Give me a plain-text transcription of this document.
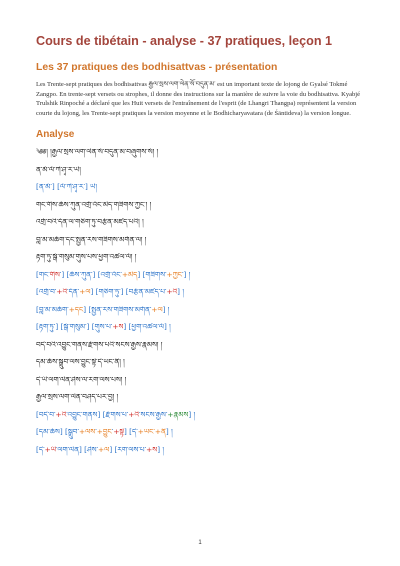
Cours de tibétain - analyse - 37 pratiques, leçon 1
Les 37 pratiques des bodhisattvas - présentation

Les Trente-sept pratiques des bodhisattvas རྒྱལ་སྲས་ལག་ལེན་སོ་བདུན་མ་ est un important texte de lojong de Gyalsé Tokmé Zangpo. En trente-sept versets ou strophes, il donne des instructions sur la manière de suivre la voie du bodhisattva. Kyabjé Trulshik Rinpoché a déclaré que les Huit versets de l'entraînement de l'esprit (de Lhangri Thangpa) représentent la version courte du lojong, les Trente-sept pratiques la version moyenne et le Bodhicharyavatara (de Śāntideva) la version longue.

Analyse
༄༅། །རྒྱལ་སྲས་ལག་ལེན་སོ་བདུན་མ་བཞུགས་སོ། །
ན་མོ་ལོ་ཀེ་ཤྭ་ར་ཡེ།
[ན་མོ་] [ལོ་ཀེ་ཤྭ་ར་] ཡེ།
གང་གིས་ཆོས་ཀུན་འགྲོ་འོང་མེད་གཟིགས་ཀྱང་། །
འགྲོ་བའི་དོན་ལ་གཅིག་ཏུ་བརྩོན་མཛད་པའི། །
བླ་མ་མཆོག་དང་སྤྱན་རས་གཟིགས་མགོན་ལ། །
རྟག་ཏུ་སྒོ་གསུམ་གུས་པས་ཕྱག་འཚལ་ལོ། །
[གང་གིས་] [ཆོས་ཀུན་] [འགྲོ་འོང་+མེད] [གཟིགས་+ཀྱང་] །
[འགྲོ་བ་+འི་དོན་+ལ] [གཅིག་ཏུ་] [བརྩོན་མཛད་པ་+འི] །
[བླ་མ་མཆོག་+དང] [སྤྱན་རས་གཟིགས་མགོན་+ལ] །
[རྟག་ཏུ་] [སྒོ་གསུམ་] [གུས་པ་+ས] [ཕྱག་འཚལ་ལོ] །
བདེ་བའི་འབྱུང་གནས་རྫོགས་པའི་སངས་རྒྱས་རྣམས། །
དམ་ཆོས་སྒྲུབ་ལས་བྱུང་སྟེ་དེ་ཡང་ནི། །
དེ་ཡི་ལག་ལེན་ཤེས་ལ་རག་ལས་པས། །
རྒྱལ་སྲས་ལག་ལེན་བཤད་པར་བྱ། །
[བདེ་བ་+འི་འབྱུང་གནས] [རྫོགས་པ་+འི་སངས་རྒྱས་+རྣམས] །
[དམ་ཆོས] [སྒྲུབ་+ལས་+བྱུང་+སྟེ] [དེ་+ཡང་+ནི] །
[དེ་+ཡི་ལག་ལེན] [ཤེས་+ལ] [རག་ལས་པ་+ས] །
1
